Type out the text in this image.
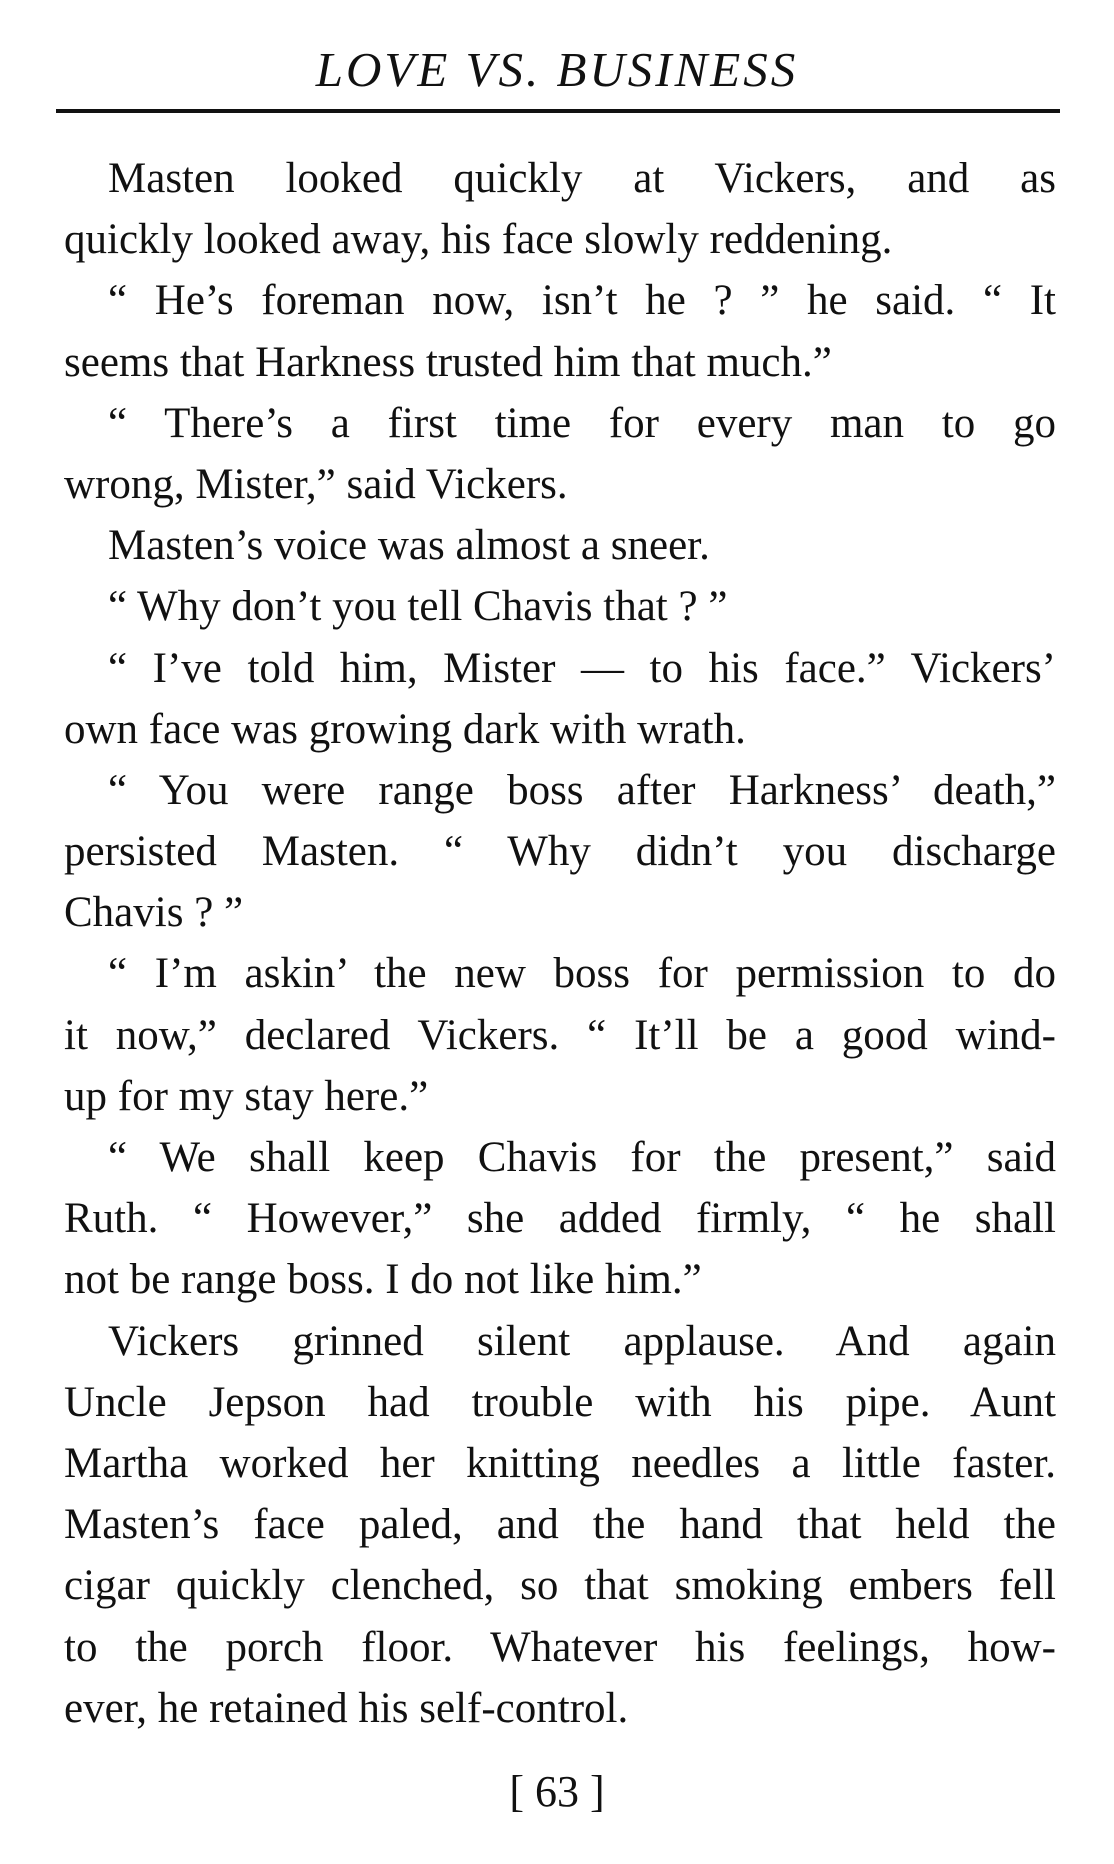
LOVE VS. BUSINESS
Masten looked quickly at Vickers, and as
quickly looked away, his face slowly reddening.
“ He’s foreman now, isn’t he ? ” he said. “ It
seems that Harkness trusted him that much.”
“ There’s a first time for every man to go
wrong, Mister,” said Vickers.
Masten’s voice was almost a sneer.
“ Why don’t you tell Chavis that ? ”
“ I’ve told him, Mister — to his face.” Vickers’
own face was growing dark with wrath.
“ You were range boss after Harkness’ death,”
persisted Masten. “ Why didn’t you discharge
Chavis ? ”
“ I’m askin’ the new boss for permission to do
it now,” declared Vickers. “ It’ll be a good wind-
up for my stay here.”
“ We shall keep Chavis for the present,” said
Ruth. “ However,” she added firmly, “ he shall
not be range boss. I do not like him.”
Vickers grinned silent applause. And again
Uncle Jepson had trouble with his pipe. Aunt
Martha worked her knitting needles a little faster.
Masten’s face paled, and the hand that held the
cigar quickly clenched, so that smoking embers fell
to the porch floor. Whatever his feelings, how-
ever, he retained his self-control.
[ 63 ]
